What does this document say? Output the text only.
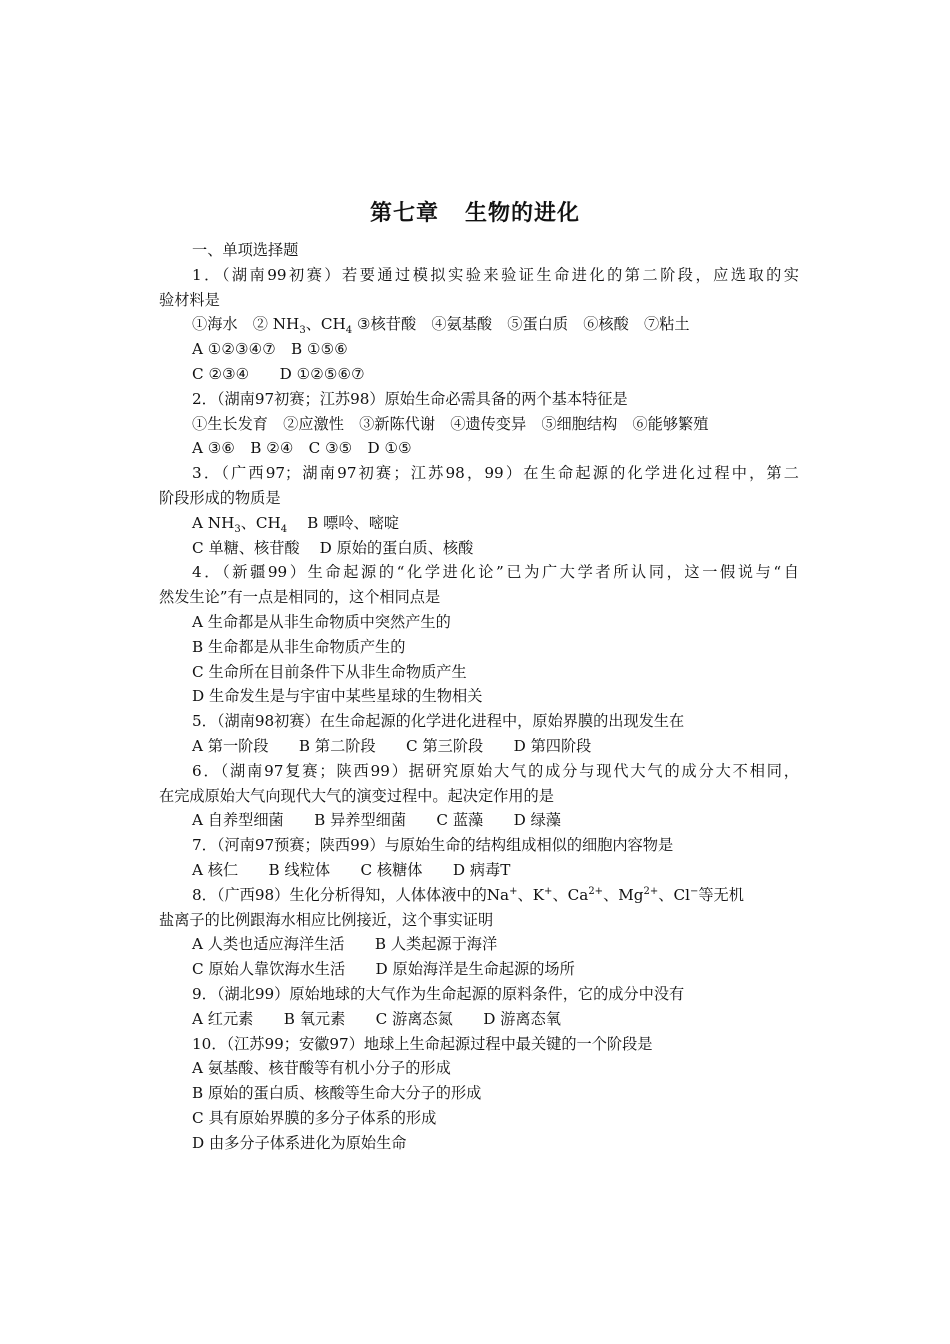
第七章 生物的进化
一、单项选择题
1．（湖南99初赛）若要通过模拟实验来验证生命进化的第二阶段，应选取的实
验材料是
①海水　② $NH_3$、$CH_4$ ③核苷酸　④氨基酸　⑤蛋白质　⑥核酸　⑦粘土
A ①②③④⑦　B ①⑤⑥
C ②③④　　D ①②⑤⑥⑦
2．（湖南97初赛；江苏98）原始生命必需具备的两个基本特征是
①生长发育　②应激性　③新陈代谢　④遗传变异　⑤细胞结构　⑥能够繁殖
A ③⑥　B ②④　C ③⑤　D ①⑤
3．（广西97；湖南97初赛；江苏98，99）在生命起源的化学进化过程中，第二
阶段形成的物质是
A $NH_3$、$CH_4$　 B 嘌呤、嘧啶
C 单糖、核苷酸　 D 原始的蛋白质、核酸
4．（新疆99）生命起源的“化学进化论”已为广大学者所认同，这一假说与“自
然发生论”有一点是相同的，这个相同点是
A 生命都是从非生命物质中突然产生的
B 生命都是从非生命物质产生的
C 生命所在目前条件下从非生命物质产生
D 生命发生是与宇宙中某些星球的生物相关
5．（湖南98初赛）在生命起源的化学进化进程中，原始界膜的出现发生在
A 第一阶段　　B 第二阶段　　C 第三阶段　　D 第四阶段
6．（湖南97复赛；陕西99）据研究原始大气的成分与现代大气的成分大不相同，
在完成原始大气向现代大气的演变过程中。起决定作用的是
A 自养型细菌　　B 异养型细菌　　C 蓝藻　　D 绿藻
7．（河南97预赛；陕西99）与原始生命的结构组成相似的细胞内容物是
A 核仁　　B 线粒体　　C 核糖体　　D 病毒T
8．（广西98）生化分析得知，人体体液中的Na+、K+、$Ca^{2+}$、$Mg^{2+}$、Cl−等无机
盐离子的比例跟海水相应比例接近，这个事实证明
A 人类也适应海洋生活　　B 人类起源于海洋
C 原始人靠饮海水生活　　D 原始海洋是生命起源的场所
9．（湖北99）原始地球的大气作为生命起源的原料条件，它的成分中没有
A 红元素　　B 氧元素　　C 游离态氮　　D 游离态氧
10．（江苏99；安徽97）地球上生命起源过程中最关键的一个阶段是
A 氨基酸、核苷酸等有机小分子的形成
B 原始的蛋白质、核酸等生命大分子的形成
C 具有原始界膜的多分子体系的形成
D 由多分子体系进化为原始生命
